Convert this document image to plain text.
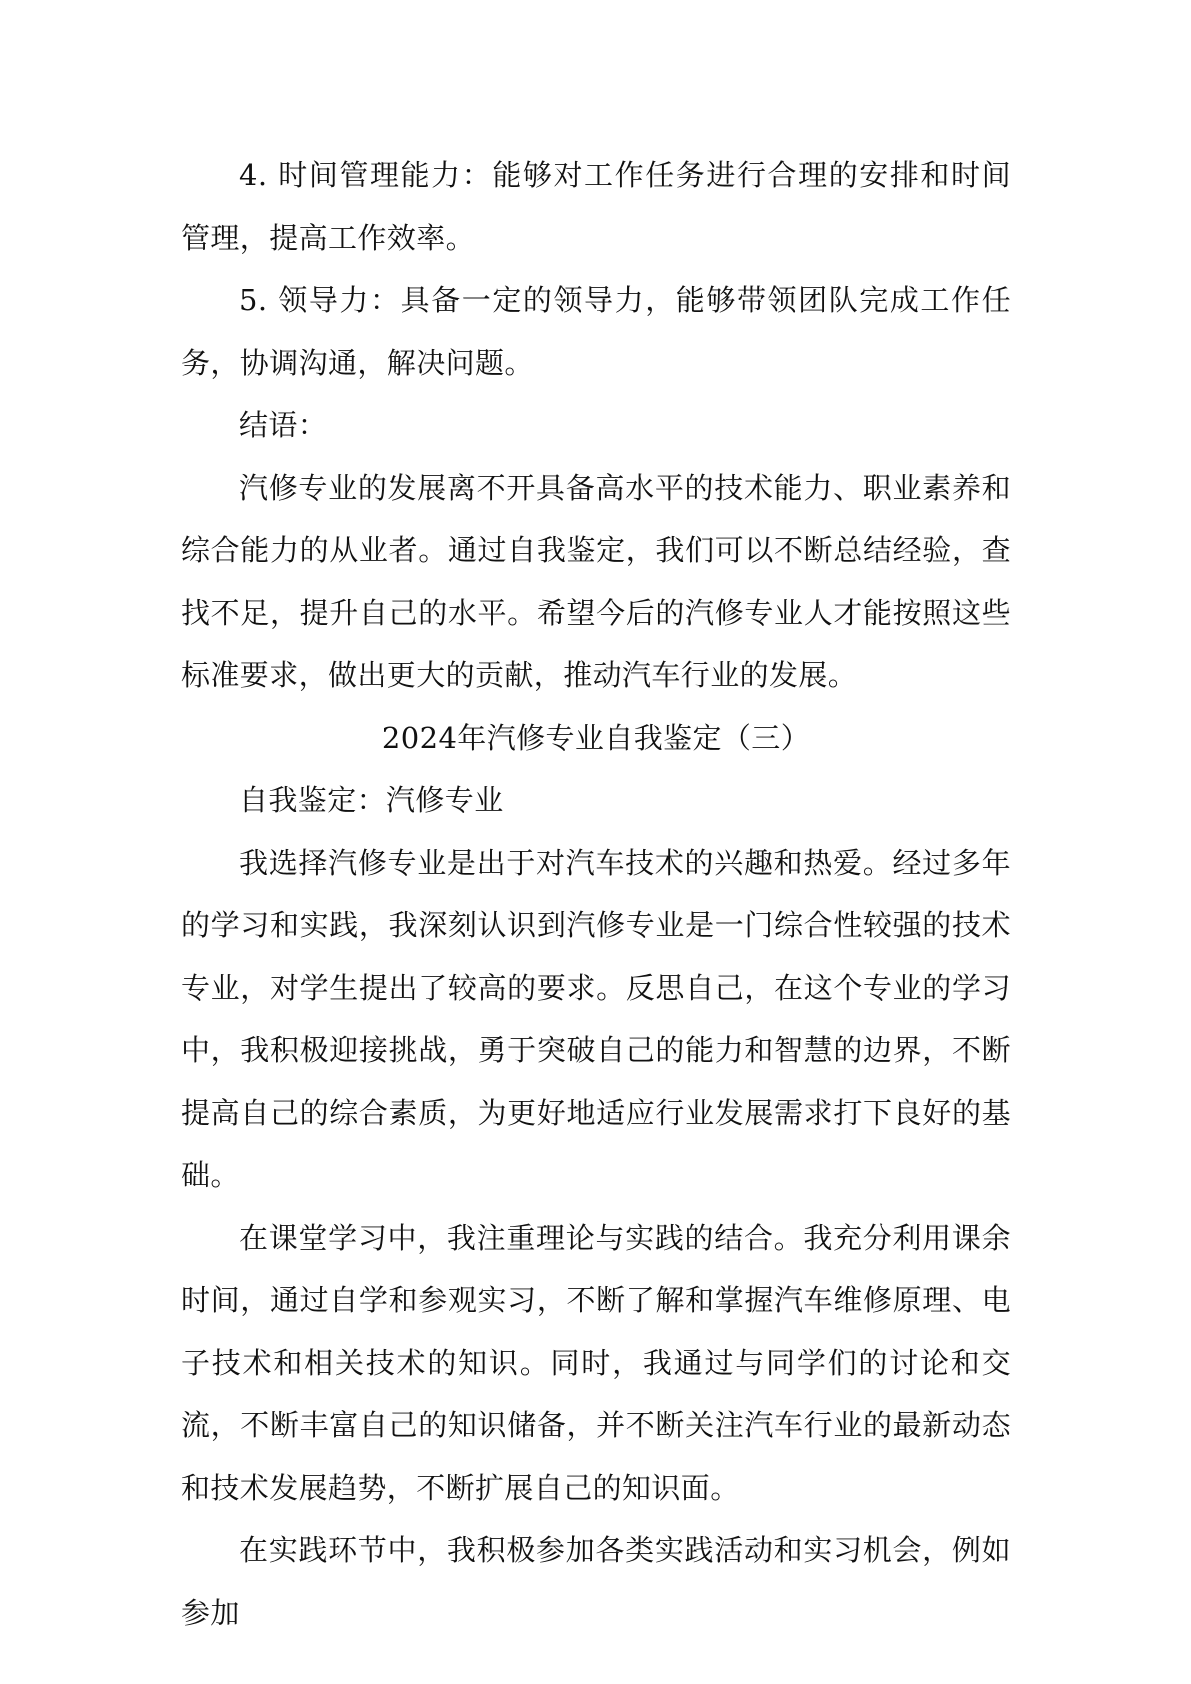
4. 时间管理能力：能够对工作任务进行合理的安排和时间管理，提高工作效率。

5. 领导力：具备一定的领导力，能够带领团队完成工作任务，协调沟通，解决问题。

结语：

汽修专业的发展离不开具备高水平的技术能力、职业素养和综合能力的从业者。通过自我鉴定，我们可以不断总结经验，查找不足，提升自己的水平。希望今后的汽修专业人才能按照这些标准要求，做出更大的贡献，推动汽车行业的发展。

2024年汽修专业自我鉴定（三）

自我鉴定：汽修专业

我选择汽修专业是出于对汽车技术的兴趣和热爱。经过多年的学习和实践，我深刻认识到汽修专业是一门综合性较强的技术专业，对学生提出了较高的要求。反思自己，在这个专业的学习中，我积极迎接挑战，勇于突破自己的能力和智慧的边界，不断提高自己的综合素质，为更好地适应行业发展需求打下良好的基础。

在课堂学习中，我注重理论与实践的结合。我充分利用课余时间，通过自学和参观实习，不断了解和掌握汽车维修原理、电子技术和相关技术的知识。同时，我通过与同学们的讨论和交流，不断丰富自己的知识储备，并不断关注汽车行业的最新动态和技术发展趋势，不断扩展自己的知识面。

在实践环节中，我积极参加各类实践活动和实习机会，例如参加
